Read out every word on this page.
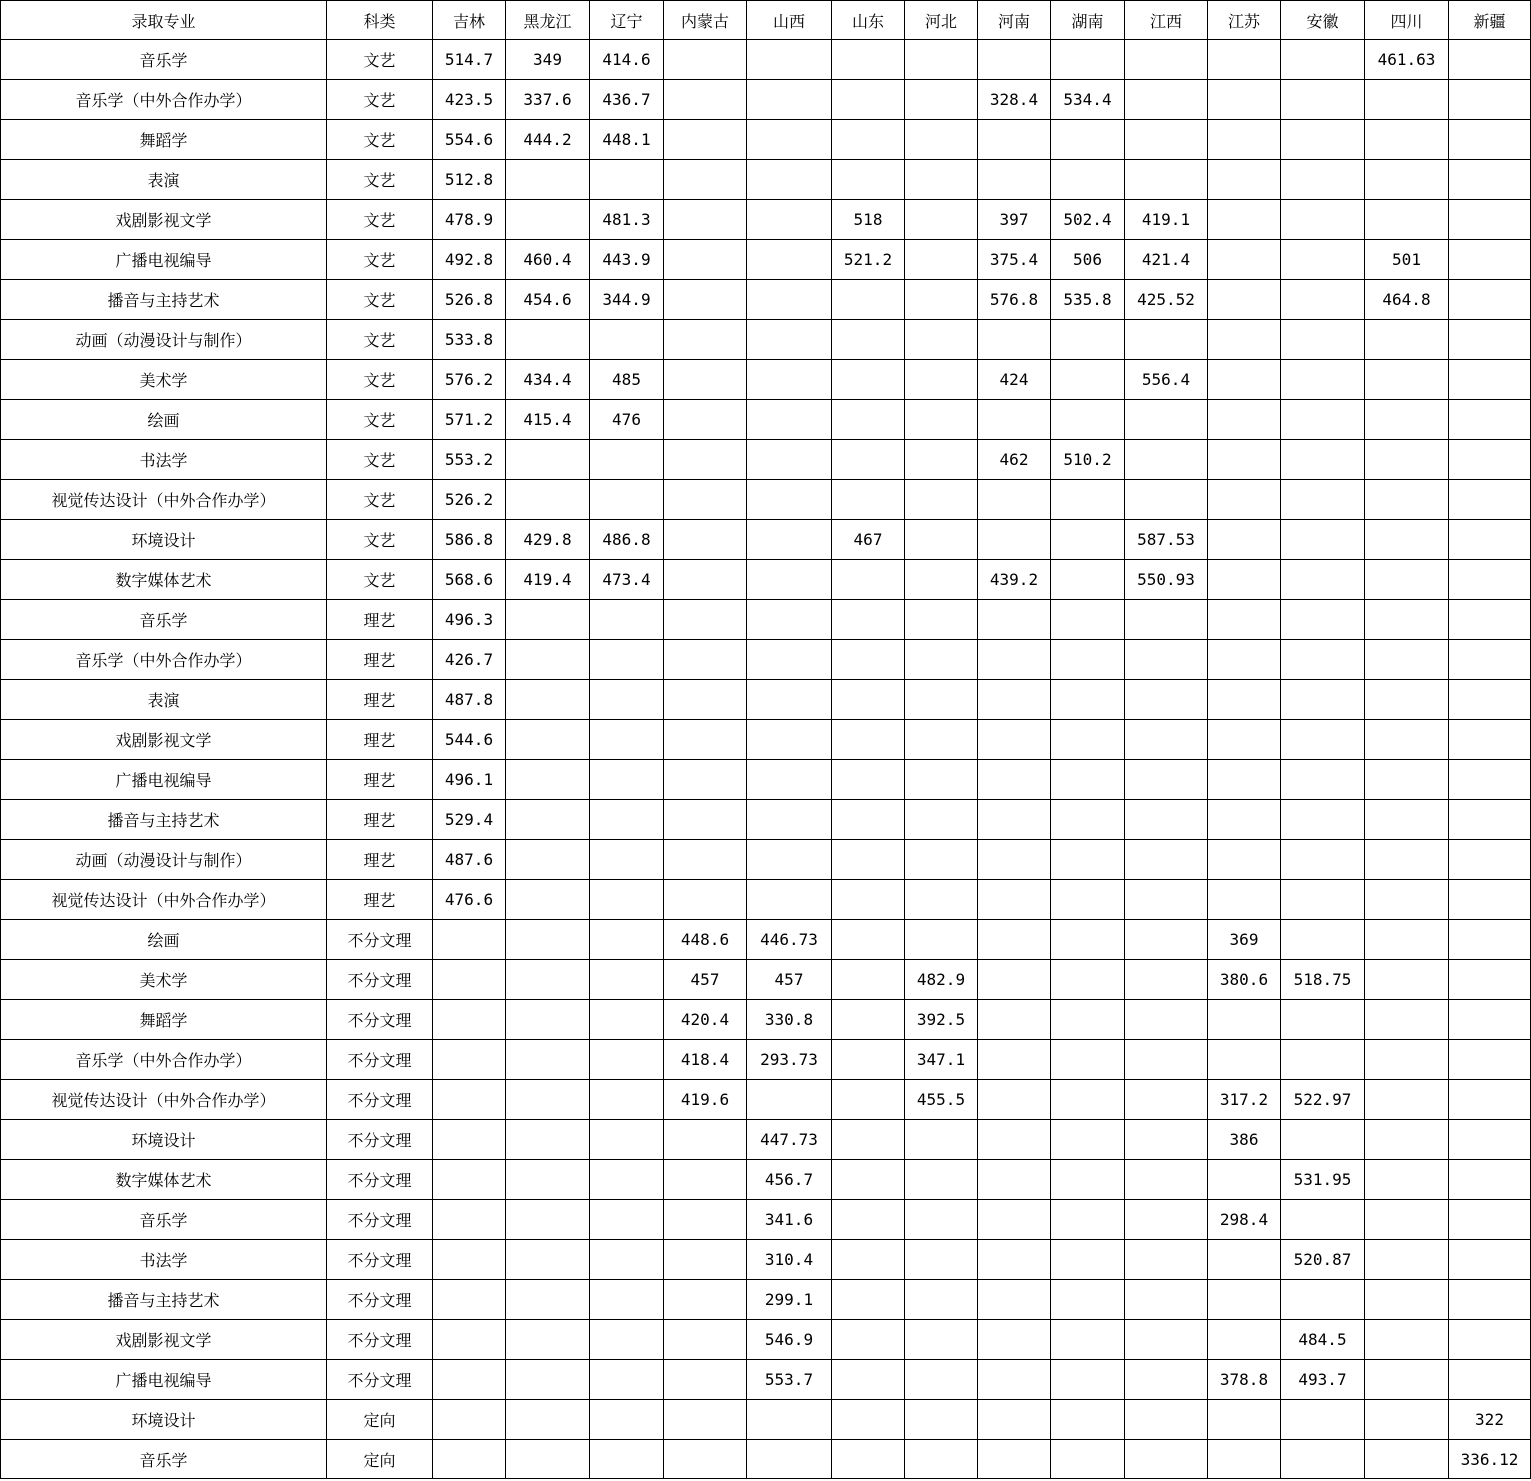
录取专业	科类	吉林	黑龙江	辽宁	内蒙古	山西	山东	河北	河南	湖南	江西	江苏	安徽	四川	新疆
音乐学	文艺	514.7	349	414.6										461.63	
音乐学（中外合作办学）	文艺	423.5	337.6	436.7					328.4	534.4					
舞蹈学	文艺	554.6	444.2	448.1											
表演	文艺	512.8													
戏剧影视文学	文艺	478.9		481.3			518		397	502.4	419.1				
广播电视编导	文艺	492.8	460.4	443.9			521.2		375.4	506	421.4			501	
播音与主持艺术	文艺	526.8	454.6	344.9					576.8	535.8	425.52			464.8	
动画（动漫设计与制作）	文艺	533.8													
美术学	文艺	576.2	434.4	485					424		556.4				
绘画	文艺	571.2	415.4	476											
书法学	文艺	553.2							462	510.2					
视觉传达设计（中外合作办学）	文艺	526.2													
环境设计	文艺	586.8	429.8	486.8			467				587.53				
数字媒体艺术	文艺	568.6	419.4	473.4					439.2		550.93				
音乐学	理艺	496.3													
音乐学（中外合作办学）	理艺	426.7													
表演	理艺	487.8													
戏剧影视文学	理艺	544.6													
广播电视编导	理艺	496.1													
播音与主持艺术	理艺	529.4													
动画（动漫设计与制作）	理艺	487.6													
视觉传达设计（中外合作办学）	理艺	476.6													
绘画	不分文理				448.6	446.73						369			
美术学	不分文理				457	457		482.9				380.6	518.75		
舞蹈学	不分文理				420.4	330.8		392.5							
音乐学（中外合作办学）	不分文理				418.4	293.73		347.1							
视觉传达设计（中外合作办学）	不分文理				419.6			455.5				317.2	522.97		
环境设计	不分文理					447.73						386			
数字媒体艺术	不分文理					456.7							531.95		
音乐学	不分文理					341.6						298.4			
书法学	不分文理					310.4							520.87		
播音与主持艺术	不分文理					299.1									
戏剧影视文学	不分文理					546.9							484.5		
广播电视编导	不分文理					553.7						378.8	493.7		
环境设计	定向														322
音乐学	定向														336.12
